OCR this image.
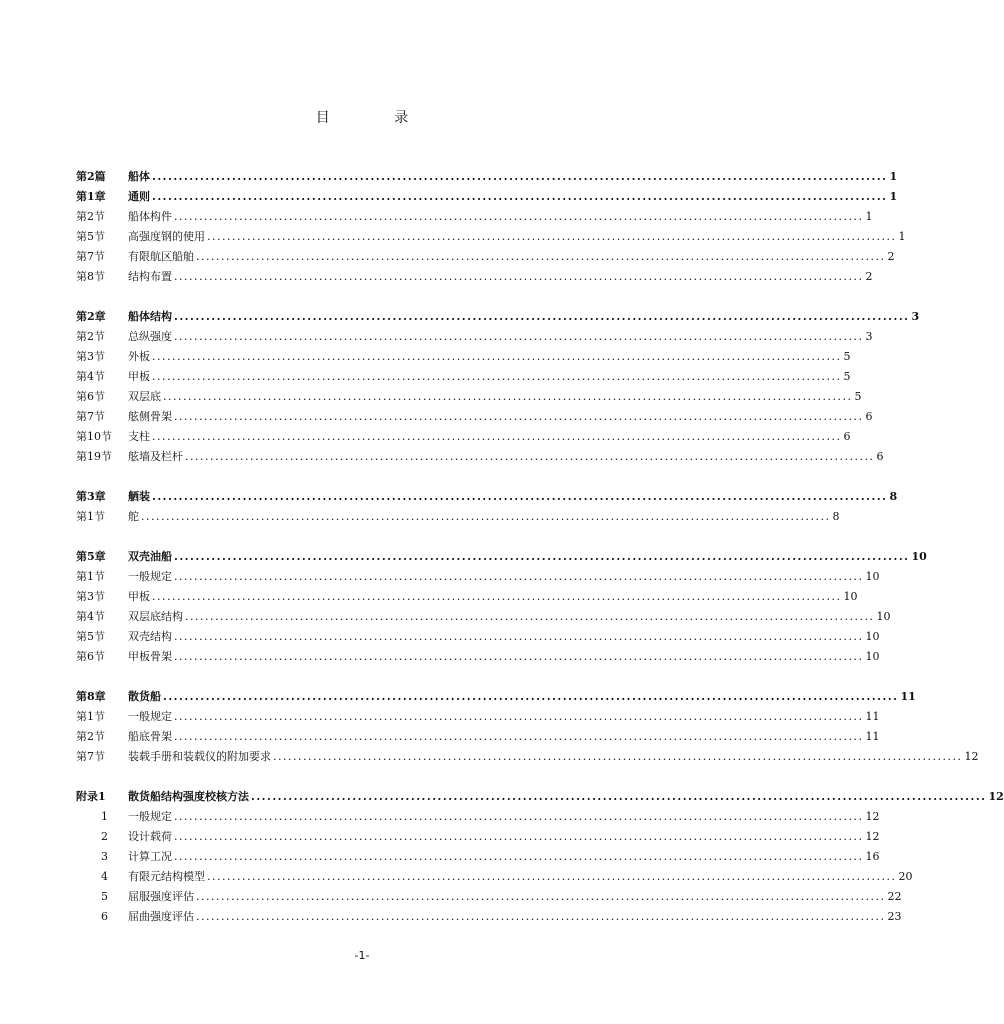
目 录
第2篇	船体 .......................................................................................................................................... 1
第1章	通则 .......................................................................................................................................... 1
第2节	船体构件 .......................................................................................................................................... 1
第5节	高强度钢的使用 .......................................................................................................................................... 1
第7节	有限航区船舶 .......................................................................................................................................... 2
第8节	结构布置 .......................................................................................................................................... 2
第2章	船体结构 .......................................................................................................................................... 3
第2节	总纵强度 .......................................................................................................................................... 3
第3节	外板 .......................................................................................................................................... 5
第4节	甲板 .......................................................................................................................................... 5
第6节	双层底 .......................................................................................................................................... 5
第7节	舷侧骨架 .......................................................................................................................................... 6
第10节	支柱 .......................................................................................................................................... 6
第19节	舷墙及栏杆 .......................................................................................................................................... 6
第3章	舾装 .......................................................................................................................................... 8
第1节	舵 .......................................................................................................................................... 8
第5章	双壳油船 .......................................................................................................................................... 10
第1节	一般规定 .......................................................................................................................................... 10
第3节	甲板 .......................................................................................................................................... 10
第4节	双层底结构 .......................................................................................................................................... 10
第5节	双壳结构 .......................................................................................................................................... 10
第6节	甲板骨架 .......................................................................................................................................... 10
第8章	散货船 .......................................................................................................................................... 11
第1节	一般规定 .......................................................................................................................................... 11
第2节	船底骨架 .......................................................................................................................................... 11
第7节	装载手册和装载仪的附加要求 .......................................................................................................................................... 12
附录1	散货船结构强度校核方法 .......................................................................................................................................... 12
1 一般规定 .......................................................................................................................................... 12
2 设计载荷 .......................................................................................................................................... 12
3 计算工况 .......................................................................................................................................... 16
4 有限元结构模型 .......................................................................................................................................... 20
5 屈服强度评估 .......................................................................................................................................... 22
6 屈曲强度评估 .......................................................................................................................................... 23
-1-
